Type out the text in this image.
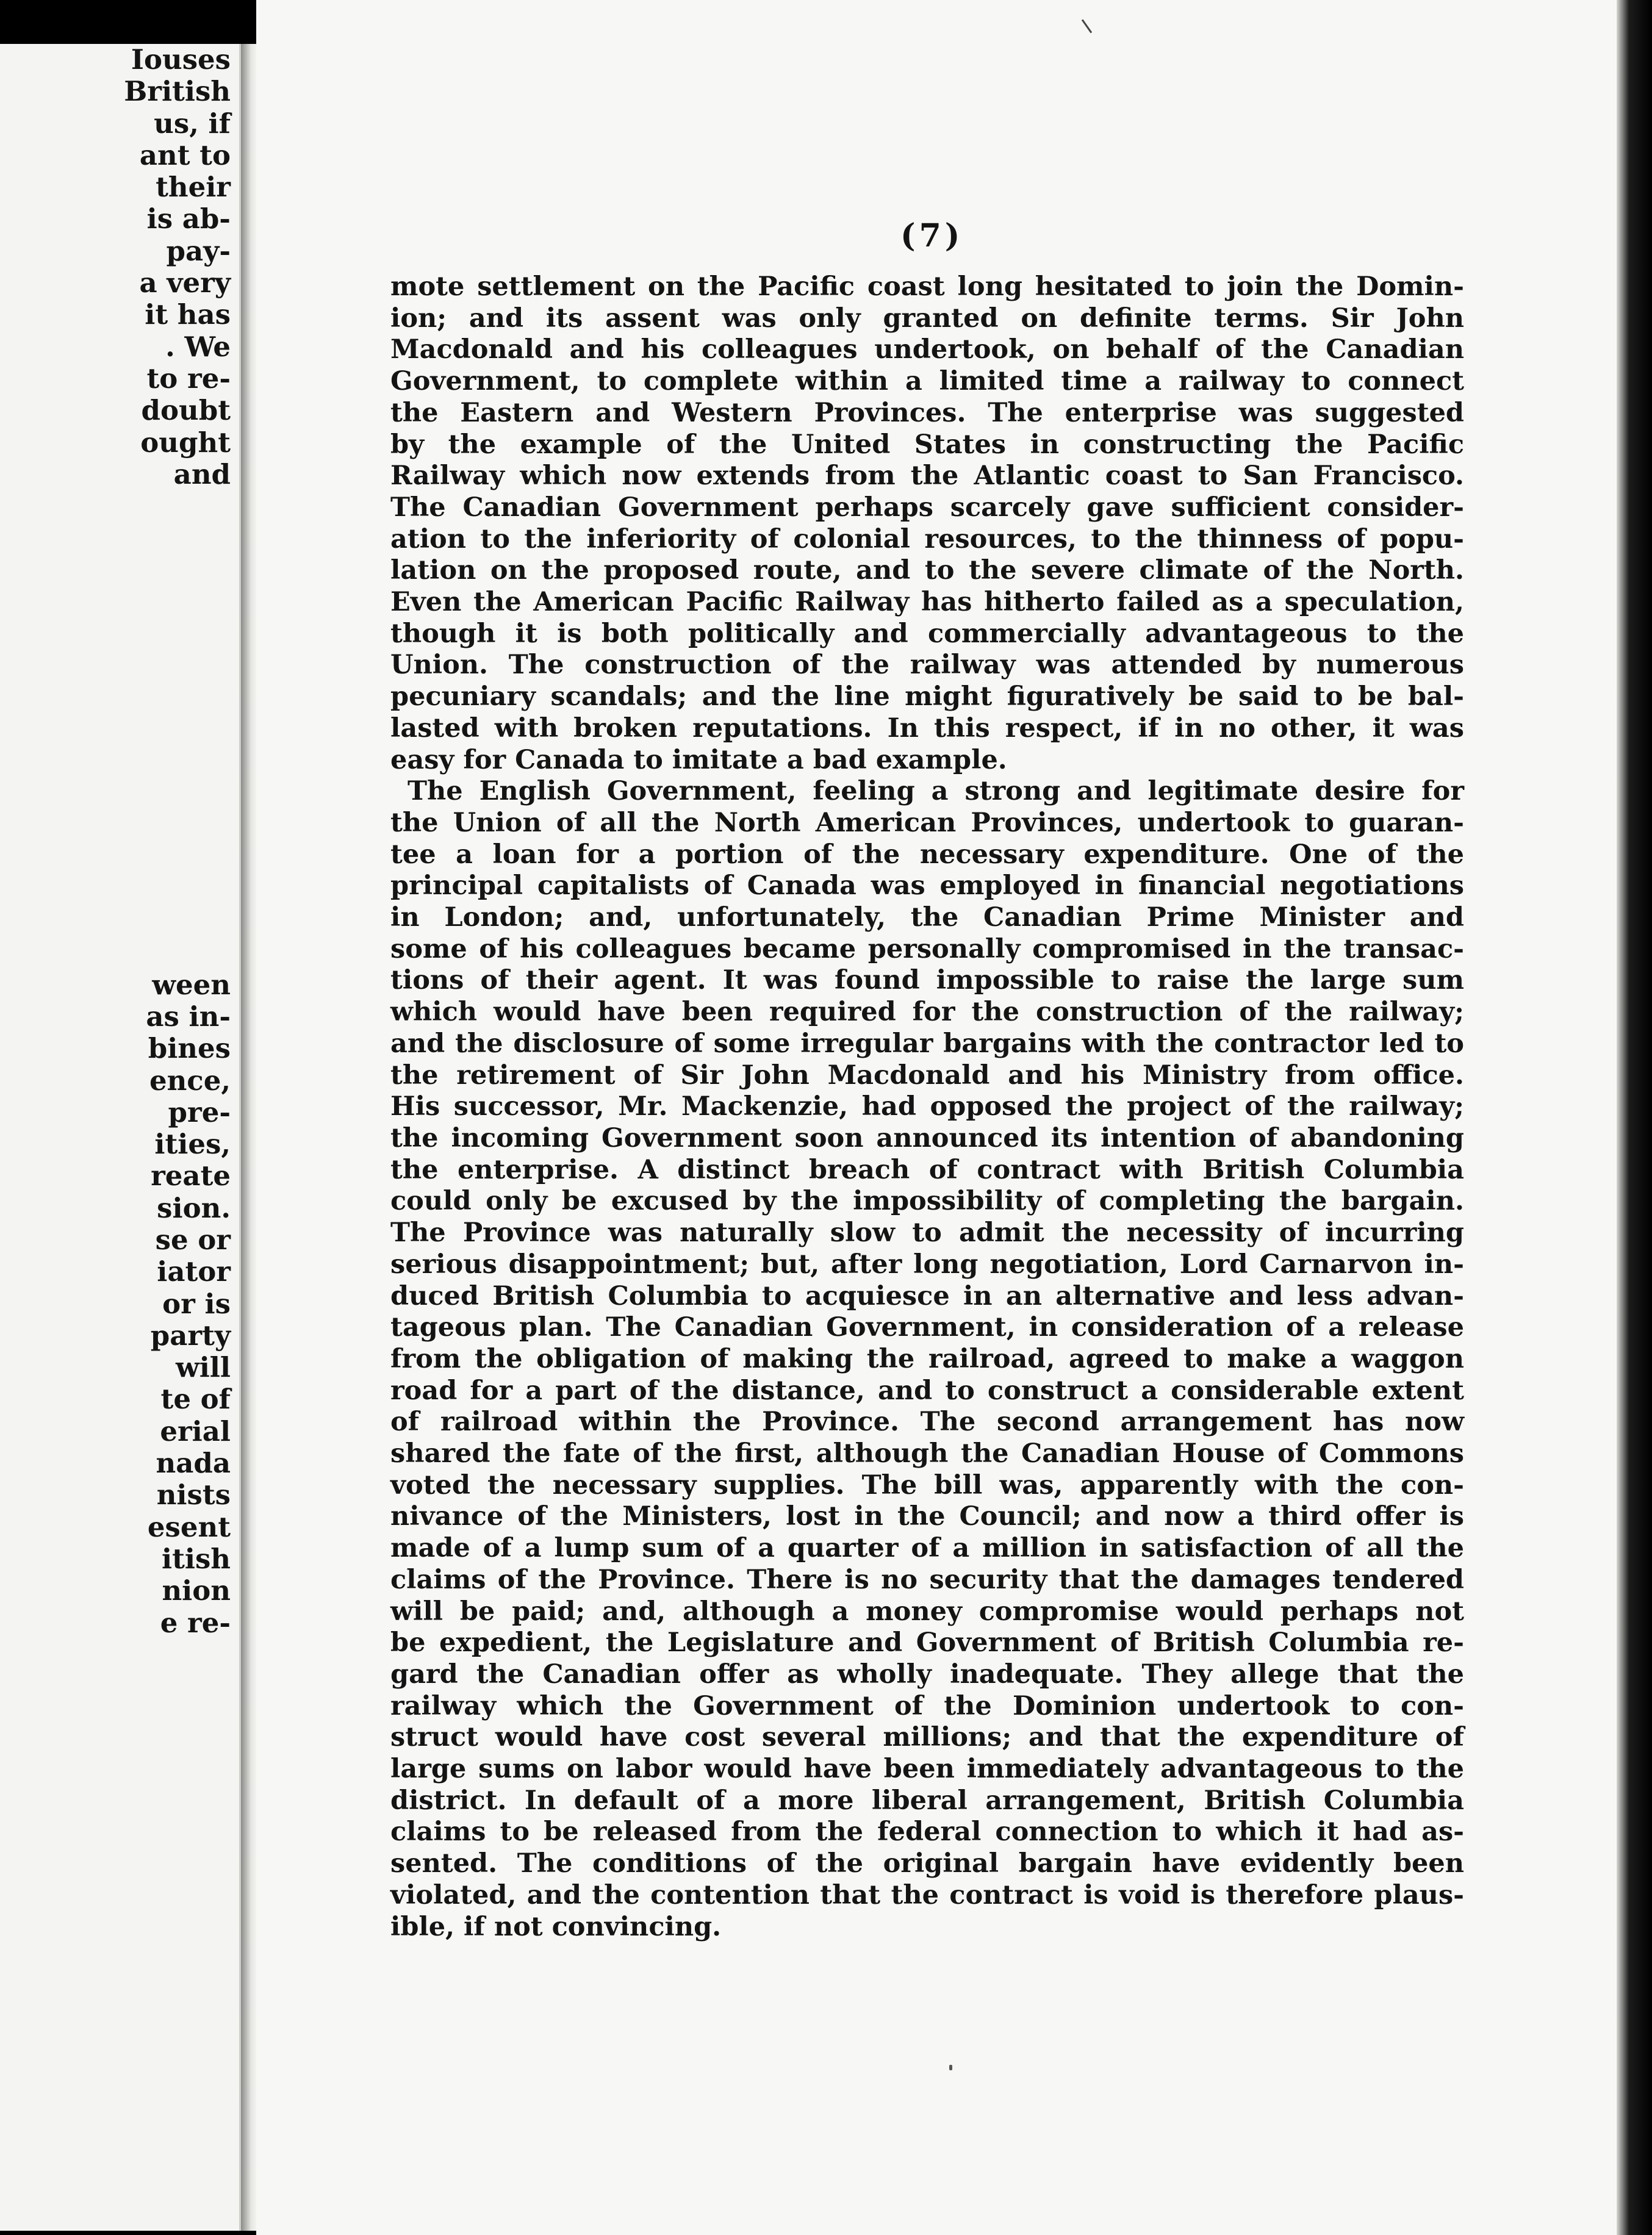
Iouses
British
us, if
ant to
their
is ab-
pay-
a very
it has
. We
to re-
doubt
ought
and

ween
as in-
bines
ence,
pre-
ities,
reate
sion.
se or
iator
or is
party
will
te of
erial
nada
nists
esent
itish
nion
e re-
(7)
mote settlement on the Pacific coast long hesitated to join the Domin-
ion; and its assent was only granted on definite terms. Sir John
Macdonald and his colleagues undertook, on behalf of the Canadian
Government, to complete within a limited time a railway to connect
the Eastern and Western Provinces. The enterprise was suggested
by the example of the United States in constructing the Pacific
Railway which now extends from the Atlantic coast to San Francisco.
The Canadian Government perhaps scarcely gave sufficient consider-
ation to the inferiority of colonial resources, to the thinness of popu-
lation on the proposed route, and to the severe climate of the North.
Even the American Pacific Railway has hitherto failed as a speculation,
though it is both politically and commercially advantageous to the
Union. The construction of the railway was attended by numerous
pecuniary scandals; and the line might figuratively be said to be bal-
lasted with broken reputations. In this respect, if in no other, it was
easy for Canada to imitate a bad example.
The English Government, feeling a strong and legitimate desire for
the Union of all the North American Provinces, undertook to guaran-
tee a loan for a portion of the necessary expenditure. One of the
principal capitalists of Canada was employed in financial negotiations
in London; and, unfortunately, the Canadian Prime Minister and
some of his colleagues became personally compromised in the transac-
tions of their agent. It was found impossible to raise the large sum
which would have been required for the construction of the railway;
and the disclosure of some irregular bargains with the contractor led to
the retirement of Sir John Macdonald and his Ministry from office.
His successor, Mr. Mackenzie, had opposed the project of the railway;
the incoming Government soon announced its intention of abandoning
the enterprise. A distinct breach of contract with British Columbia
could only be excused by the impossibility of completing the bargain.
The Province was naturally slow to admit the necessity of incurring
serious disappointment; but, after long negotiation, Lord Carnarvon in-
duced British Columbia to acquiesce in an alternative and less advan-
tageous plan. The Canadian Government, in consideration of a release
from the obligation of making the railroad, agreed to make a waggon
road for a part of the distance, and to construct a considerable extent
of railroad within the Province. The second arrangement has now
shared the fate of the first, although the Canadian House of Commons
voted the necessary supplies. The bill was, apparently with the con-
nivance of the Ministers, lost in the Council; and now a third offer is
made of a lump sum of a quarter of a million in satisfaction of all the
claims of the Province. There is no security that the damages tendered
will be paid; and, although a money compromise would perhaps not
be expedient, the Legislature and Government of British Columbia re-
gard the Canadian offer as wholly inadequate. They allege that the
railway which the Government of the Dominion undertook to con-
struct would have cost several millions; and that the expenditure of
large sums on labor would have been immediately advantageous to the
district. In default of a more liberal arrangement, British Columbia
claims to be released from the federal connection to which it had as-
sented. The conditions of the original bargain have evidently been
violated, and the contention that the contract is void is therefore plaus-
ible, if not convincing.
